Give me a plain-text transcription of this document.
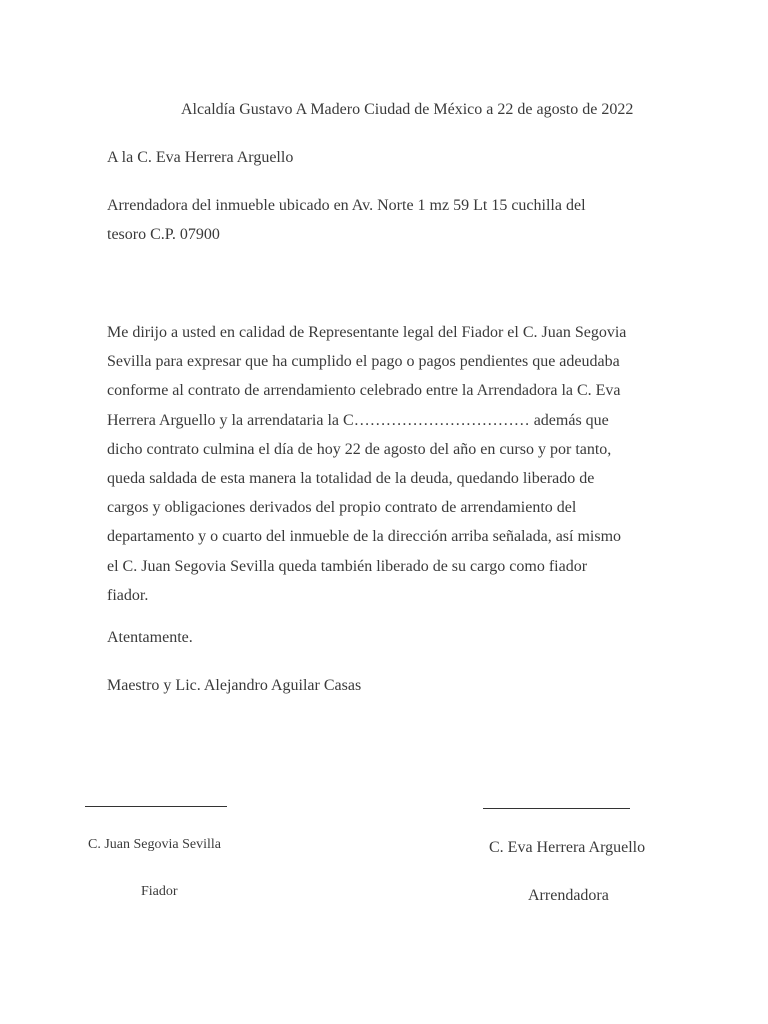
Alcaldía Gustavo A Madero Ciudad de México a 22 de agosto de 2022
A la C. Eva Herrera Arguello
Arrendadora del inmueble ubicado en Av. Norte 1 mz 59 Lt 15 cuchilla del
tesoro C.P. 07900
Me dirijo a usted en calidad de Representante legal del Fiador el C. Juan Segovia
Sevilla para expresar que ha cumplido el pago o pagos pendientes que adeudaba
conforme al contrato de arrendamiento celebrado entre la Arrendadora la C. Eva
Herrera Arguello y la arrendataria la C…………………………… además que
dicho contrato culmina el día de hoy 22 de agosto del año en curso y por tanto,
queda saldada de esta manera la totalidad de la deuda, quedando liberado de
cargos y obligaciones derivados del propio contrato de arrendamiento del
departamento y o cuarto del inmueble de la dirección arriba señalada, así mismo
el C. Juan Segovia Sevilla queda también liberado de su cargo como fiador
fiador.
Atentamente.
Maestro y Lic. Alejandro Aguilar Casas
C. Juan Segovia Sevilla
Fiador
C. Eva Herrera Arguello
Arrendadora
